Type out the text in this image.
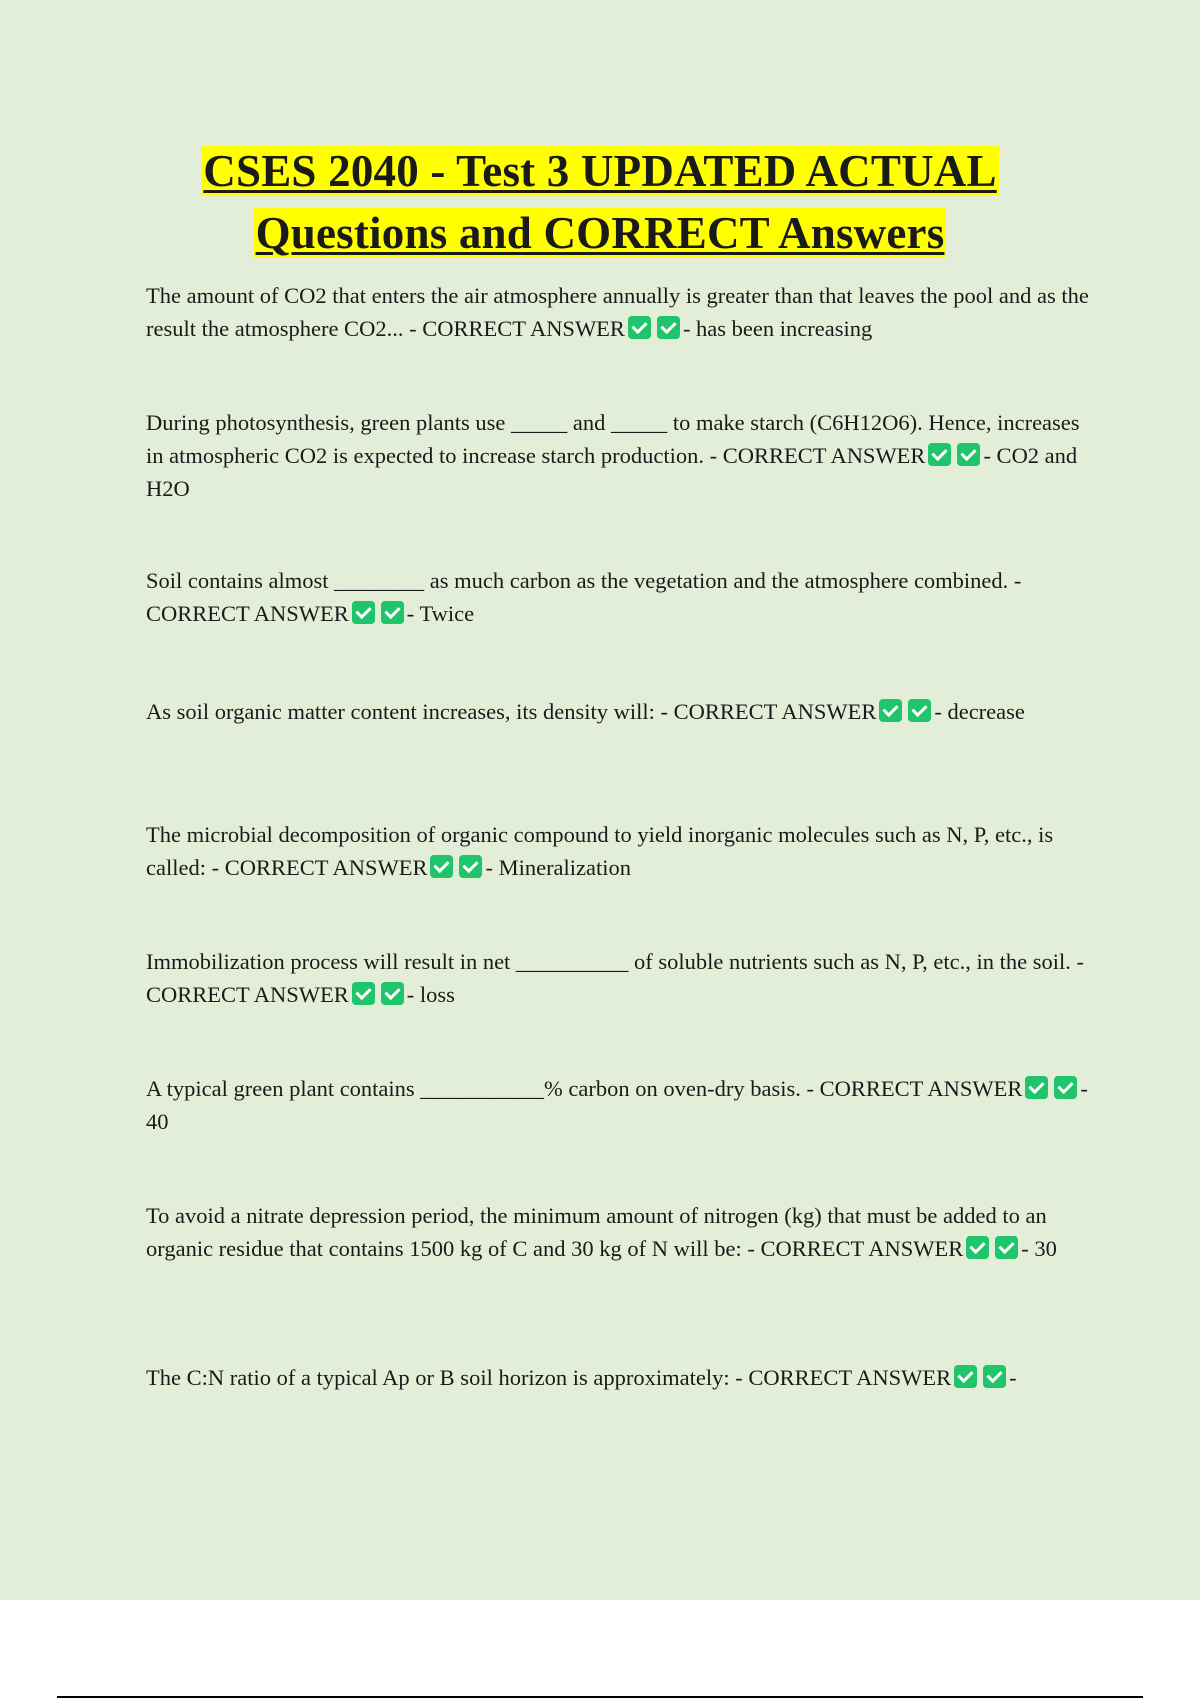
CSES 2040 - Test 3 UPDATED ACTUAL
Questions and CORRECT Answers
The amount of CO2 that enters the air atmosphere annually is greater than that leaves the pool and as the result the atmosphere CO2... - CORRECT ANSWER	- has been increasing
During photosynthesis, green plants use _____ and _____ to make starch (C6H12O6). Hence, increases in atmospheric CO2 is expected to increase starch production. - CORRECT ANSWER	- CO2 and H2O
Soil contains almost ________ as much carbon as the vegetation and the atmosphere combined. - CORRECT ANSWER	- Twice
As soil organic matter content increases, its density will: - CORRECT ANSWER	- decrease
The microbial decomposition of organic compound to yield inorganic molecules such as N, P, etc., is called: - CORRECT ANSWER	- Mineralization
Immobilization process will result in net __________ of soluble nutrients such as N, P, etc., in the soil. - CORRECT ANSWER	- loss
A typical green plant contains ___________% carbon on oven-dry basis. - CORRECT ANSWER	- 40
To avoid a nitrate depression period, the minimum amount of nitrogen (kg) that must be added to an organic residue that contains 1500 kg of C and 30 kg of N will be: - CORRECT ANSWER	- 30
The C:N ratio of a typical Ap or B soil horizon is approximately: - CORRECT ANSWER	-
